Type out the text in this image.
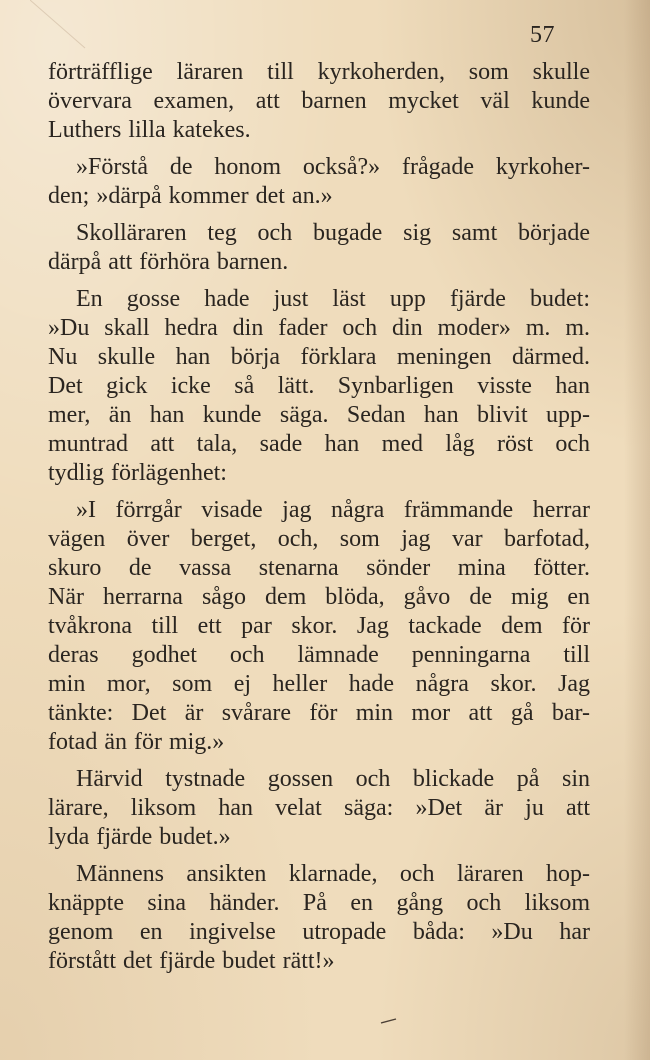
57
förträfflige läraren till kyrkoherden, som skulle
övervara examen, att barnen mycket väl kunde
Luthers lilla katekes.
»Förstå de honom också?» frågade kyrkoher-
den; »därpå kommer det an.»
Skolläraren teg och bugade sig samt började
därpå att förhöra barnen.
En gosse hade just läst upp fjärde budet:
»Du skall hedra din fader och din moder» m. m.
Nu skulle han börja förklara meningen därmed.
Det gick icke så lätt. Synbarligen visste han
mer, än han kunde säga. Sedan han blivit upp-
muntrad att tala, sade han med låg röst och
tydlig förlägenhet:
»I förrgår visade jag några främmande herrar
vägen över berget, och, som jag var barfotad,
skuro de vassa stenarna sönder mina fötter.
När herrarna sågo dem blöda, gåvo de mig en
tvåkrona till ett par skor. Jag tackade dem för
deras godhet och lämnade penningarna till
min mor, som ej heller hade några skor. Jag
tänkte: Det är svårare för min mor att gå bar-
fotad än för mig.»
Härvid tystnade gossen och blickade på sin
lärare, liksom han velat säga: »Det är ju att
lyda fjärde budet.»
Männens ansikten klarnade, och läraren hop-
knäppte sina händer. På en gång och liksom
genom en ingivelse utropade båda: »Du har
förstått det fjärde budet rätt!»
